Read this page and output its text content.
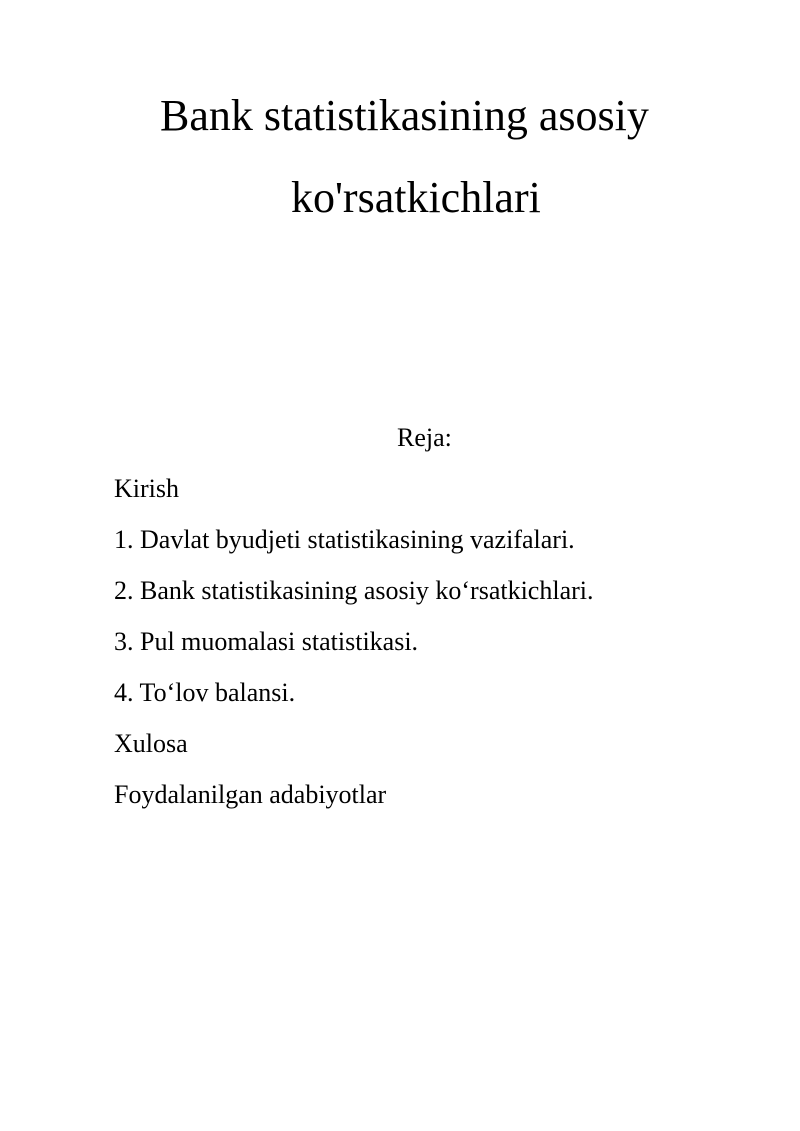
Bank statistikasining asosiy
ko'rsatkichlari
Reja:
Kirish
1. Davlat byudjeti statistikasining vazifalari.
2. Bank statistikasining asosiy ko‘rsatkichlari.
3. Pul muomalasi statistikasi.
4. To‘lov balansi.
Xulosa
Foydalanilgan adabiyotlar
